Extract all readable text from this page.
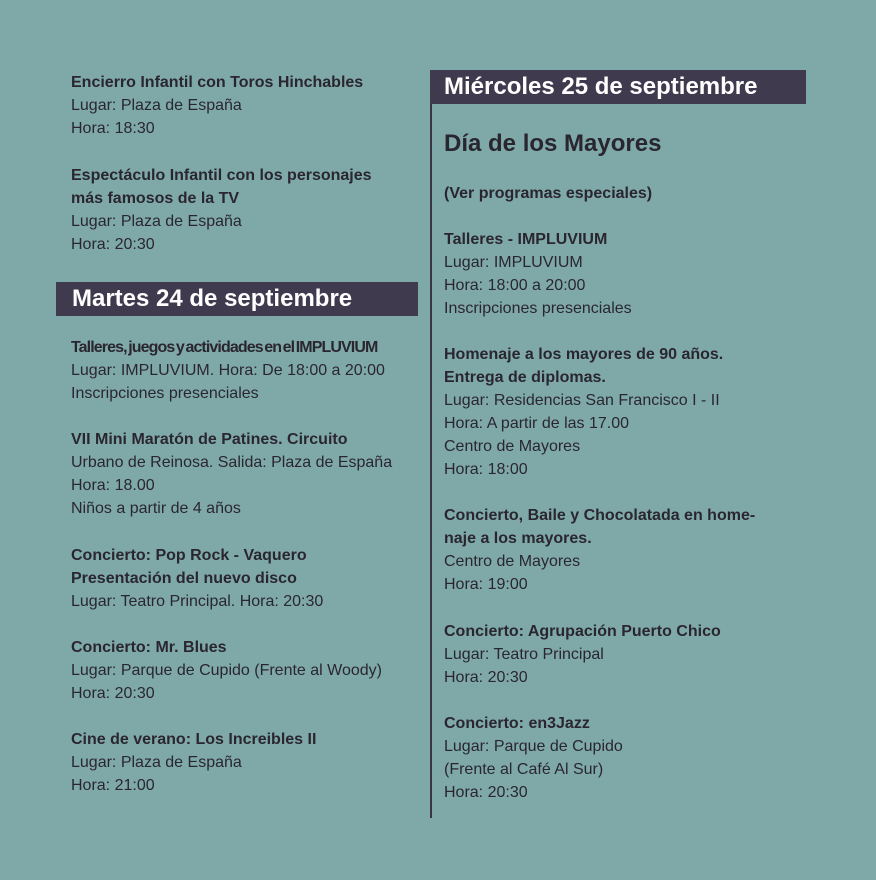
Martes 24 de septiembre
Miércoles 25 de septiembre
Encierro Infantil con Toros Hinchables
Lugar: Plaza de España
Hora: 18:30
Espectáculo Infantil con los personajes
más famosos de la TV
Lugar: Plaza de España
Hora: 20:30
Talleres, juegos y actividades en el IMPLUVIUM
Lugar: IMPLUVIUM. Hora: De 18:00 a 20:00
Inscripciones presenciales
VII Mini Maratón de Patines. Circuito
Urbano de Reinosa. Salida: Plaza de España
Hora: 18.00
Niños a partir de 4 años
Concierto: Pop Rock - Vaquero
Presentación del nuevo disco
Lugar: Teatro Principal. Hora: 20:30
Concierto: Mr. Blues
Lugar: Parque de Cupido (Frente al Woody)
Hora: 20:30
Cine de verano: Los Increibles II
Lugar: Plaza de España
Hora: 21:00
Día de los Mayores
(Ver programas especiales)
Talleres - IMPLUVIUM
Lugar: IMPLUVIUM
Hora: 18:00 a 20:00
Inscripciones presenciales
Homenaje a los mayores de 90 años.
Entrega de diplomas.
Lugar: Residencias San Francisco I - II
Hora: A partir de las 17.00
Centro de Mayores
Hora: 18:00
Concierto, Baile y Chocolatada en home-
naje a los mayores.
Centro de Mayores
Hora: 19:00
Concierto: Agrupación Puerto Chico
Lugar: Teatro Principal
Hora: 20:30
Concierto: en3Jazz
Lugar: Parque de Cupido
(Frente al Café Al Sur)
Hora: 20:30
